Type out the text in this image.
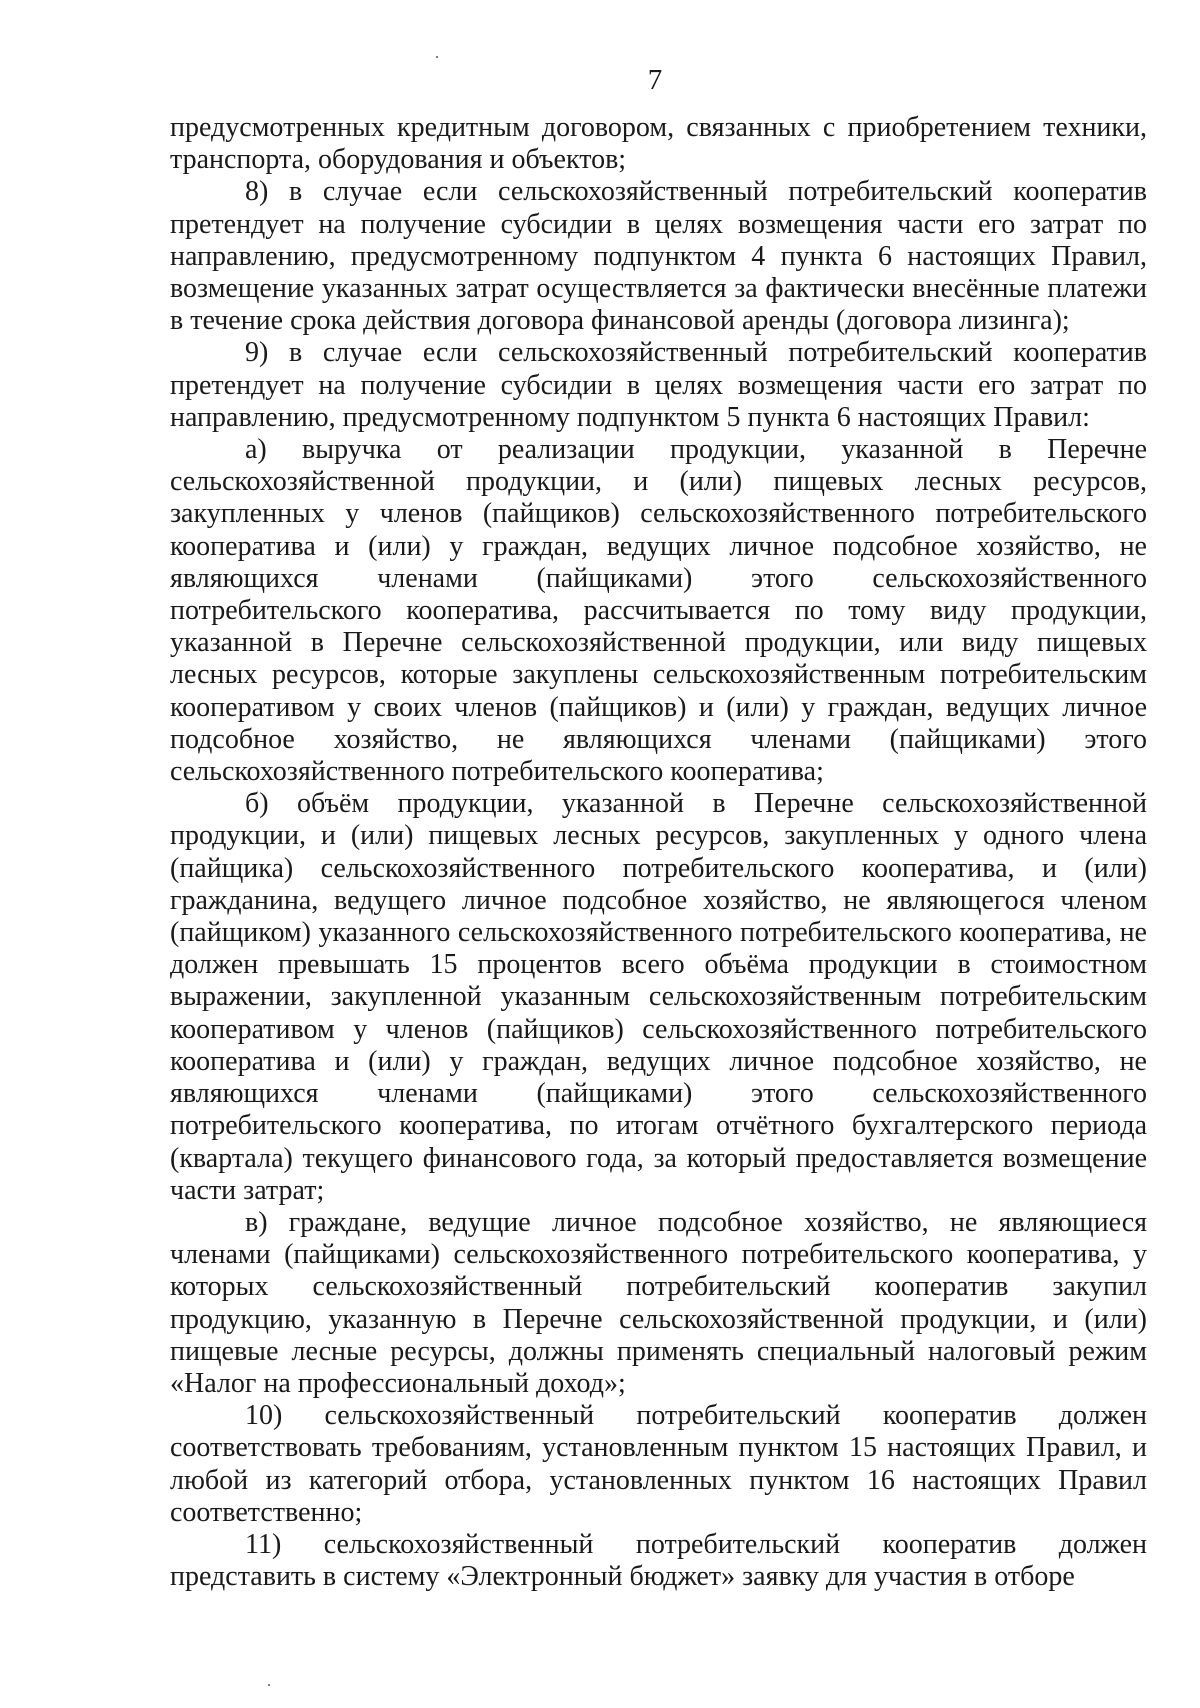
7

предусмотренных кредитным договором, связанных с приобретением техники, транспорта, оборудования и объектов;

8) в случае если сельскохозяйственный потребительский кооператив претендует на получение субсидии в целях возмещения части его затрат по направлению, предусмотренному подпунктом 4 пункта 6 настоящих Правил, возмещение указанных затрат осуществляется за фактически внесённые платежи в течение срока действия договора финансовой аренды (договора лизинга);

9) в случае если сельскохозяйственный потребительский кооператив претендует на получение субсидии в целях возмещения части его затрат по направлению, предусмотренному подпунктом 5 пункта 6 настоящих Правил:

а) выручка от реализации продукции, указанной в Перечне сельскохозяйственной продукции, и (или) пищевых лесных ресурсов, закупленных у членов (пайщиков) сельскохозяйственного потребительского кооператива и (или) у граждан, ведущих личное подсобное хозяйство, не являющихся членами (пайщиками) этого сельскохозяйственного потребительского кооператива, рассчитывается по тому виду продукции, указанной в Перечне сельскохозяйственной продукции, или виду пищевых лесных ресурсов, которые закуплены сельскохозяйственным потребительским кооперативом у своих членов (пайщиков) и (или) у граждан, ведущих личное подсобное хозяйство, не являющихся членами (пайщиками) этого сельскохозяйственного потребительского кооператива;

б) объём продукции, указанной в Перечне сельскохозяйственной продукции, и (или) пищевых лесных ресурсов, закупленных у одного члена (пайщика) сельскохозяйственного потребительского кооператива, и (или) гражданина, ведущего личное подсобное хозяйство, не являющегося членом (пайщиком) указанного сельскохозяйственного потребительского кооператива, не должен превышать 15 процентов всего объёма продукции в стоимостном выражении, закупленной указанным сельскохозяйственным потребительским кооперативом у членов (пайщиков) сельскохозяйственного потребительского кооператива и (или) у граждан, ведущих личное подсобное хозяйство, не являющихся членами (пайщиками) этого сельскохозяйственного потребительского кооператива, по итогам отчётного бухгалтерского периода (квартала) текущего финансового года, за который предоставляется возмещение части затрат;

в) граждане, ведущие личное подсобное хозяйство, не являющиеся членами (пайщиками) сельскохозяйственного потребительского кооператива, у которых сельскохозяйственный потребительский кооператив закупил продукцию, указанную в Перечне сельскохозяйственной продукции, и (или) пищевые лесные ресурсы, должны применять специальный налоговый режим «Налог на профессиональный доход»;

10) сельскохозяйственный потребительский кооператив должен соответствовать требованиям, установленным пунктом 15 настоящих Правил, и любой из категорий отбора, установленных пунктом 16 настоящих Правил соответственно;

11) сельскохозяйственный потребительский кооператив должен представить в систему «Электронный бюджет» заявку для участия в отборе
